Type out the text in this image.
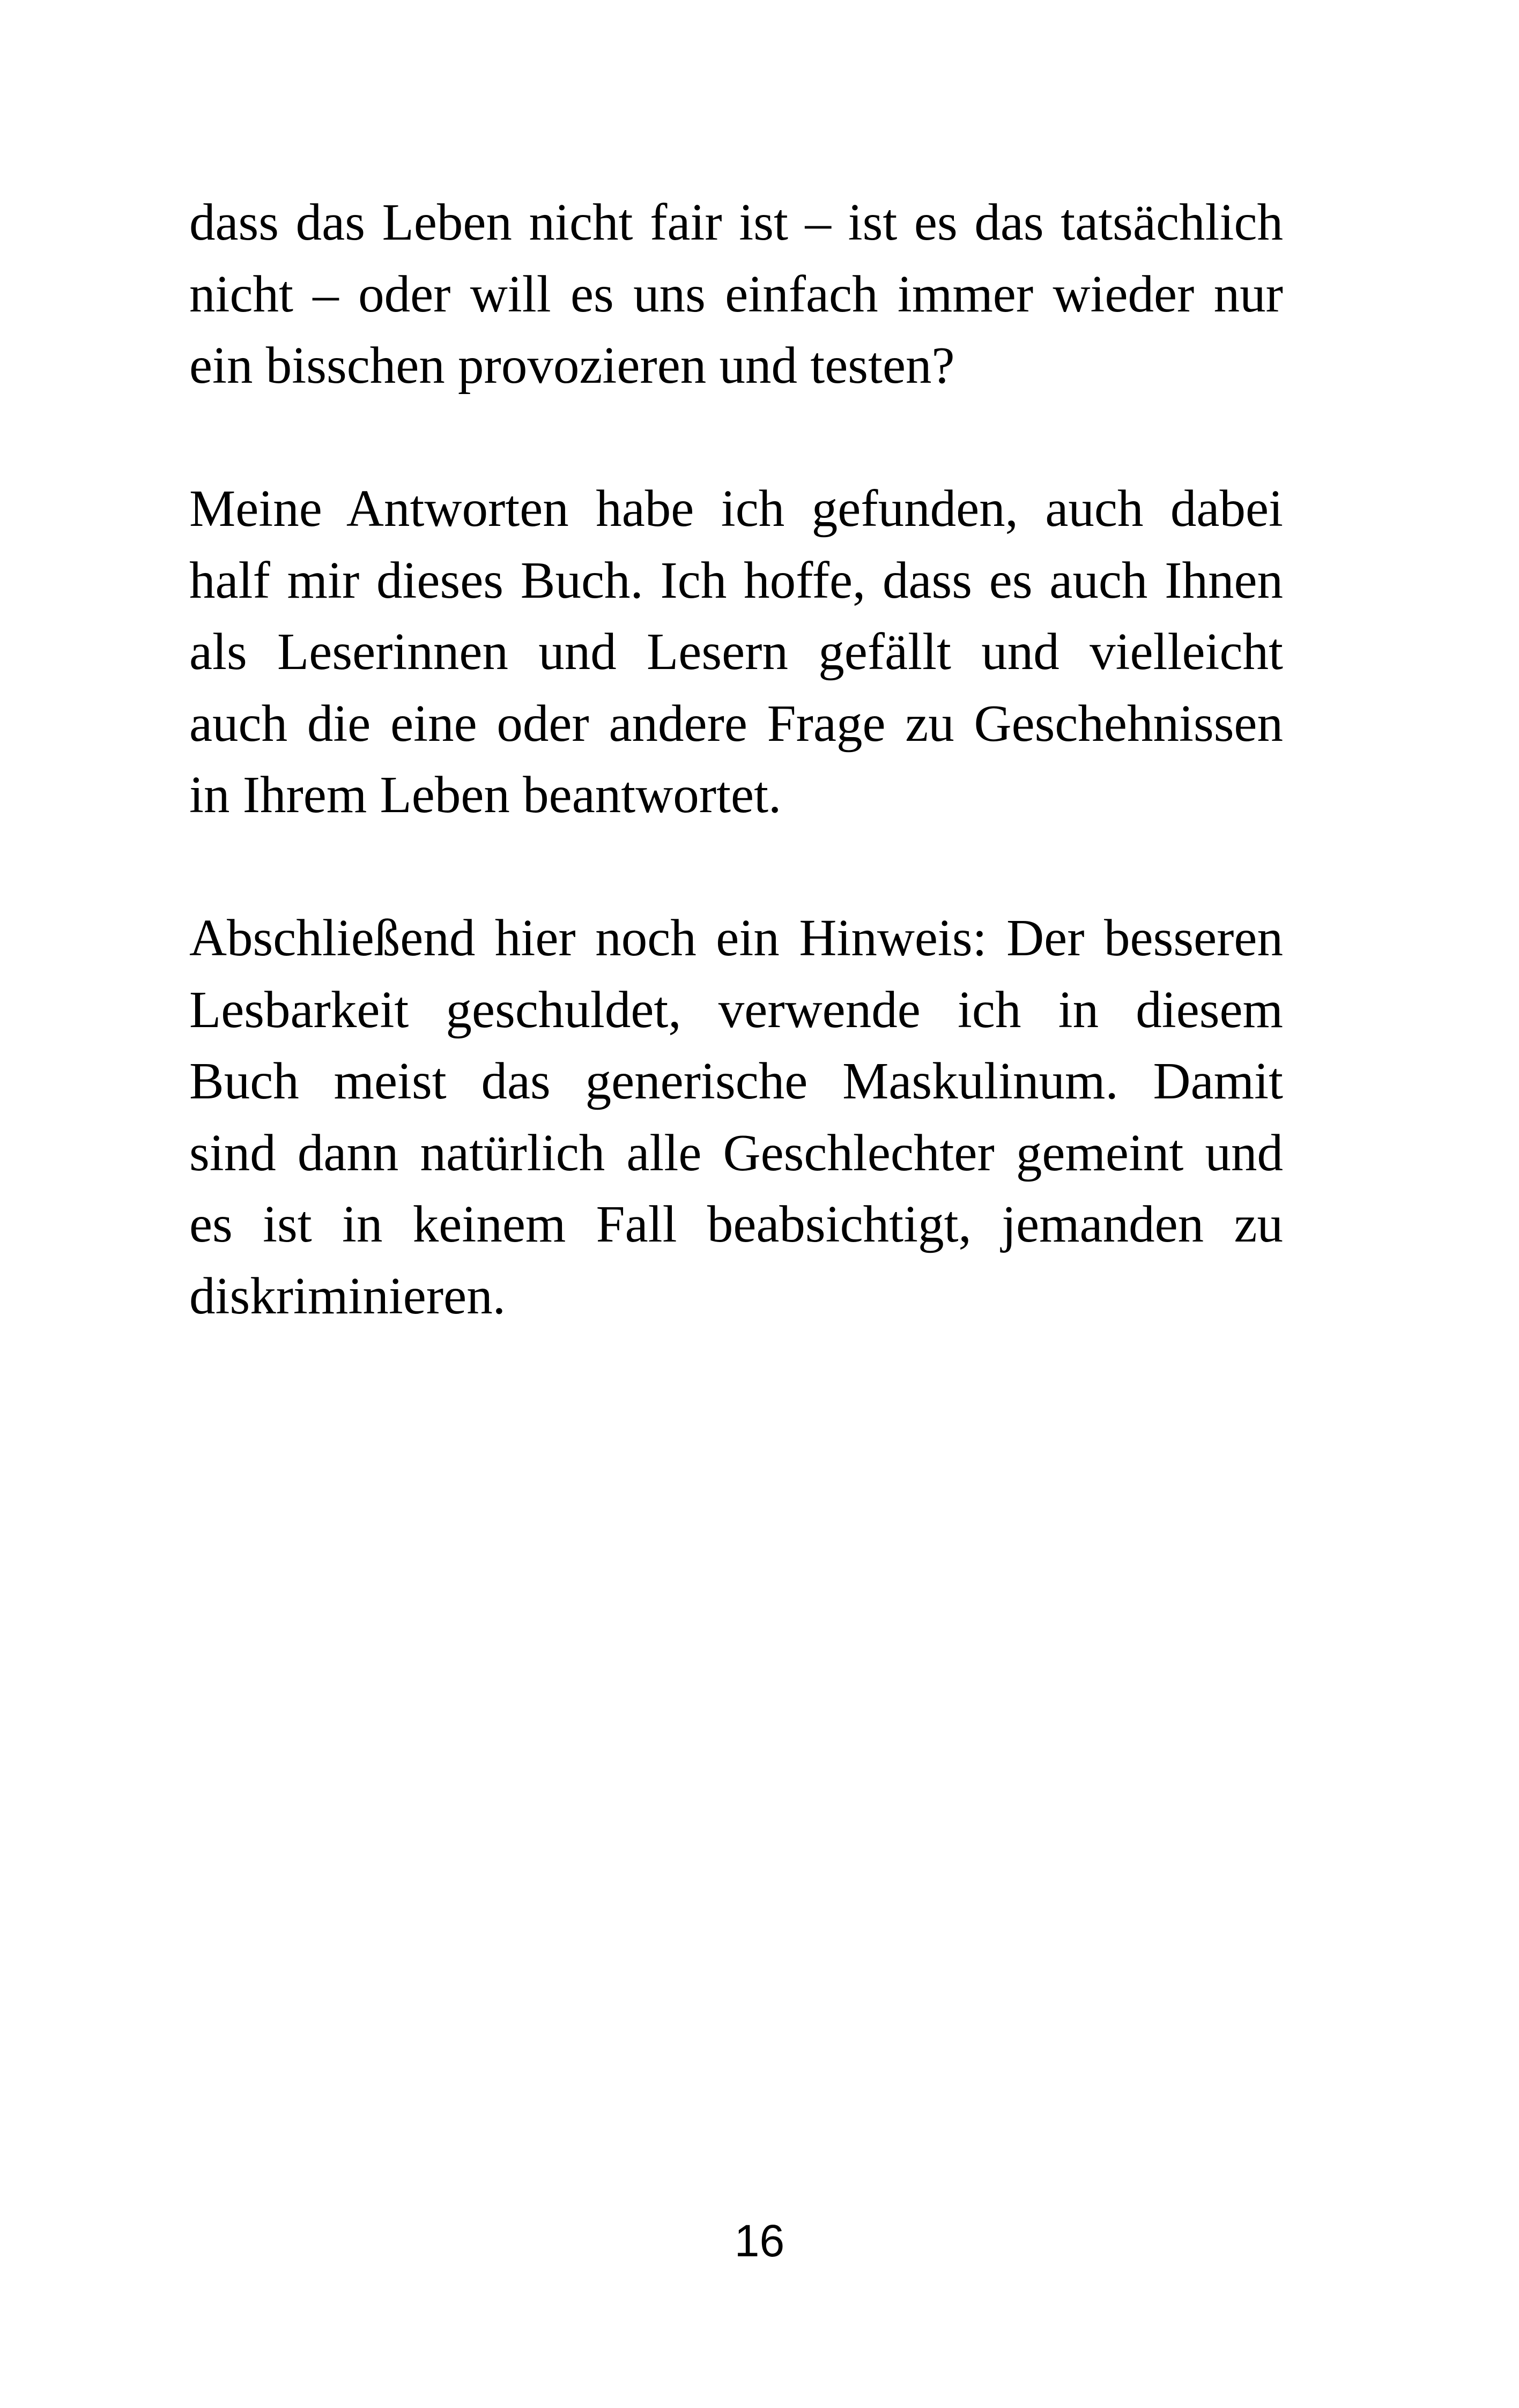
dass das Leben nicht fair ist – ist es das tatsächlich
nicht – oder will es uns einfach immer wieder nur
ein bisschen provozieren und testen?
Meine Antworten habe ich gefunden, auch dabei
half mir dieses Buch. Ich hoffe, dass es auch Ihnen
als Leserinnen und Lesern gefällt und vielleicht
auch die eine oder andere Frage zu Geschehnissen
in Ihrem Leben beantwortet.
Abschließend hier noch ein Hinweis: Der besseren
Lesbarkeit geschuldet, verwende ich in diesem
Buch meist das generische Maskulinum. Damit
sind dann natürlich alle Geschlechter gemeint und
es ist in keinem Fall beabsichtigt, jemanden zu
diskriminieren.
16
